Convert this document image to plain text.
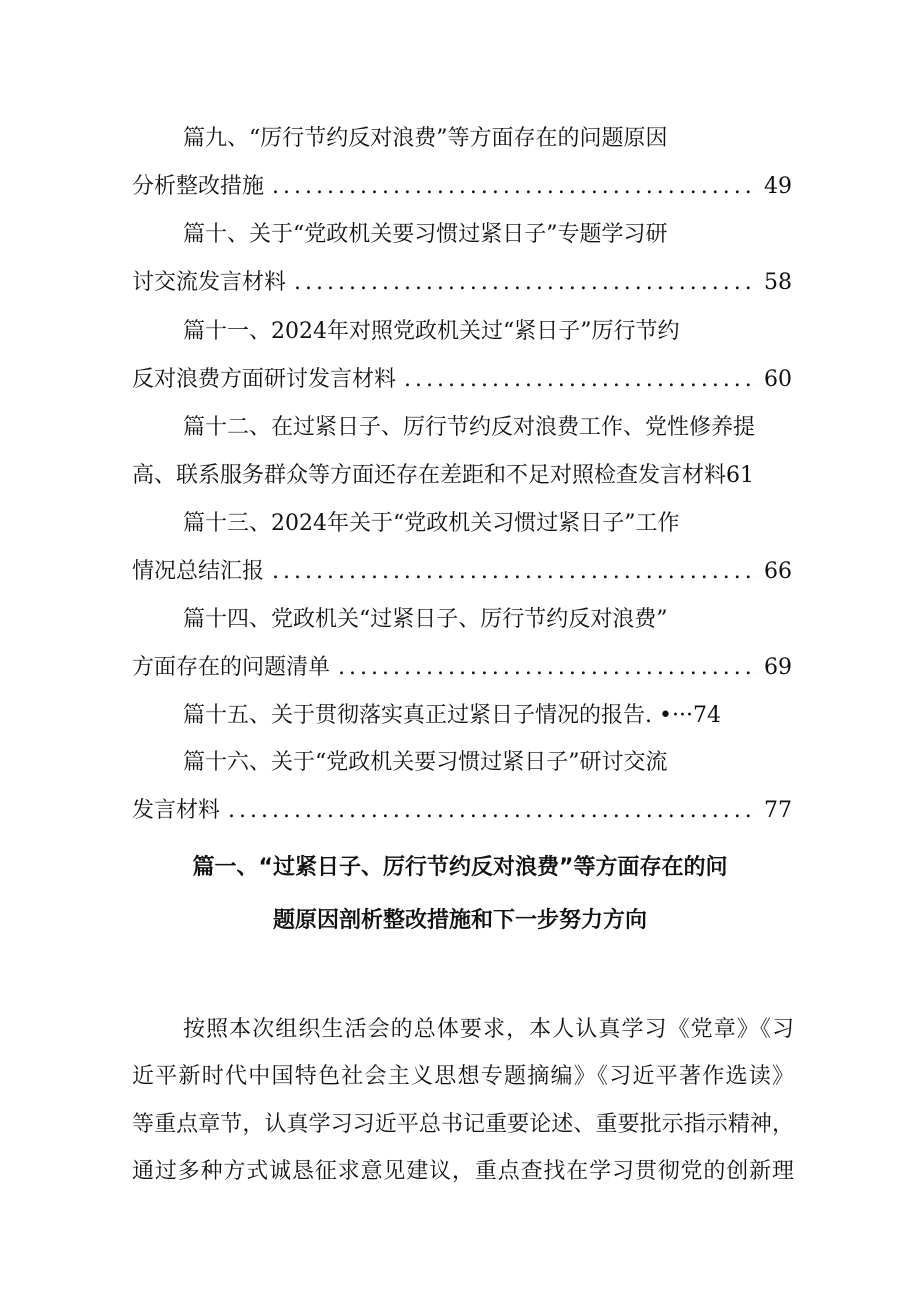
篇九、“厉行节约反对浪费”等方面存在的问题原因
分析整改措施 .....	49
篇十、关于“党政机关要习惯过紧日子”专题学习研
讨交流发言材料 .....	58
篇十一、2024年对照党政机关过“紧日子”厉行节约
反对浪费方面研讨发言材料 .....	60
篇十二、在过紧日子、厉行节约反对浪费工作、党性修养提
高、联系服务群众等方面还存在差距和不足对照检查发言材料61
篇十三、2024年关于“党政机关习惯过紧日子”工作
情况总结汇报 .....	66
篇十四、党政机关“过紧日子、厉行节约反对浪费”
方面存在的问题清单 .....	69
篇十五、关于贯彻落实真正过紧日子情况的报告. •···74
篇十六、关于“党政机关要习惯过紧日子”研讨交流
发言材料 .....	77
篇一、“过紧日子、厉行节约反对浪费”等方面存在的问
题原因剖析整改措施和下一步努力方向
按照本次组织生活会的总体要求，本人认真学习《党章》《习
近平新时代中国特色社会主义思想专题摘编》《习近平著作选读》
等重点章节，认真学习习近平总书记重要论述、重要批示指示精神，
通过多种方式诚恳征求意见建议，重点查找在学习贯彻党的创新理
